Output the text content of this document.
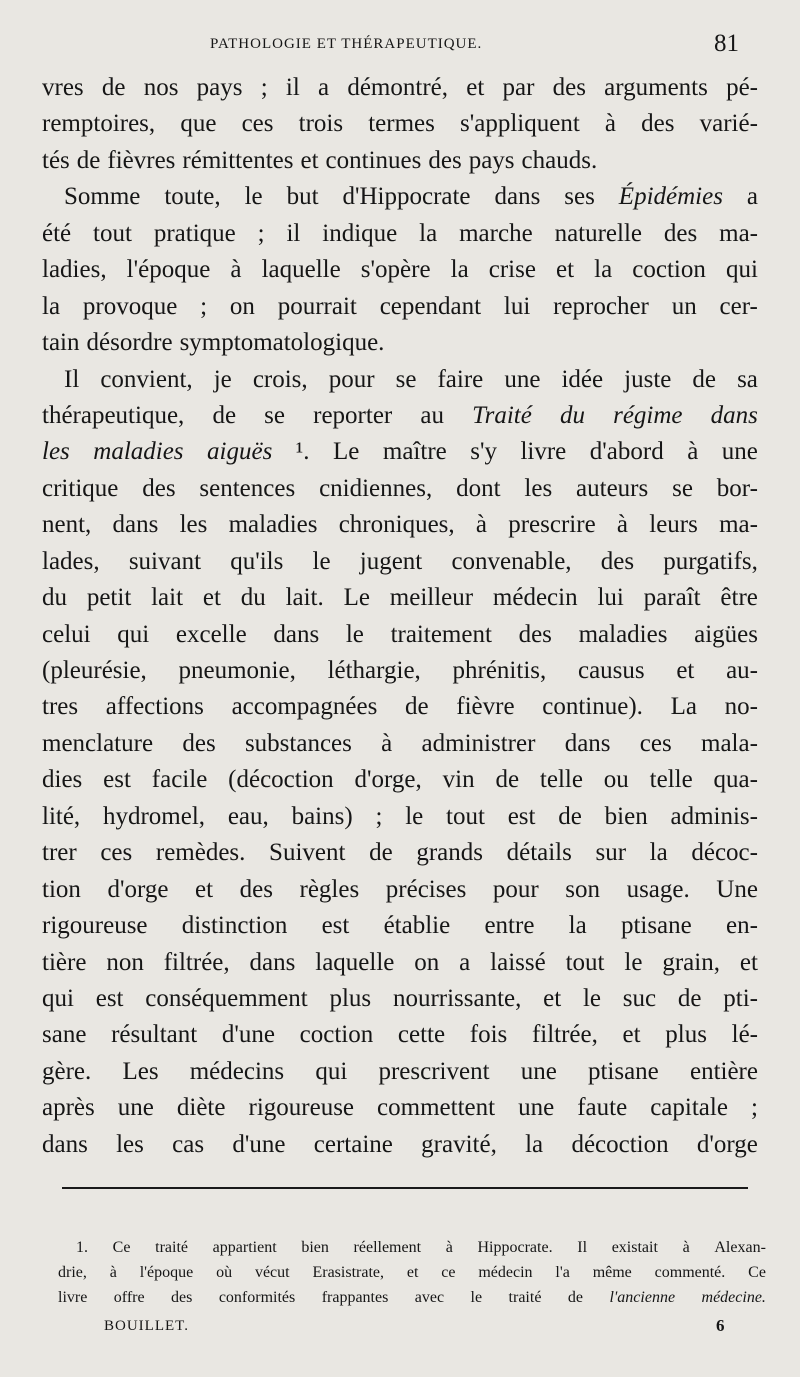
PATHOLOGIE ET THÉRAPEUTIQUE.	81
vres de nos pays ; il a démontré, et par des arguments pé-
remptoires, que ces trois termes s'appliquent à des varié-
tés de fièvres rémittentes et continues des pays chauds.
Somme toute, le but d'Hippocrate dans ses Épidémies a
été tout pratique ; il indique la marche naturelle des ma-
ladies, l'époque à laquelle s'opère la crise et la coction qui
la provoque ; on pourrait cependant lui reprocher un cer-
tain désordre symptomatologique.
Il convient, je crois, pour se faire une idée juste de sa
thérapeutique, de se reporter au Traité du régime dans
les maladies aiguës ¹. Le maître s'y livre d'abord à une
critique des sentences cnidiennes, dont les auteurs se bor-
nent, dans les maladies chroniques, à prescrire à leurs ma-
lades, suivant qu'ils le jugent convenable, des purgatifs,
du petit lait et du lait. Le meilleur médecin lui paraît être
celui qui excelle dans le traitement des maladies aigües
(pleurésie, pneumonie, léthargie, phrénitis, causus et au-
tres affections accompagnées de fièvre continue). La no-
menclature des substances à administrer dans ces mala-
dies est facile (décoction d'orge, vin de telle ou telle qua-
lité, hydromel, eau, bains) ; le tout est de bien adminis-
trer ces remèdes. Suivent de grands détails sur la décoc-
tion d'orge et des règles précises pour son usage. Une
rigoureuse distinction est établie entre la ptisane en-
tière non filtrée, dans laquelle on a laissé tout le grain, et
qui est conséquemment plus nourrissante, et le suc de pti-
sane résultant d'une coction cette fois filtrée, et plus lé-
gère. Les médecins qui prescrivent une ptisane entière
après une diète rigoureuse commettent une faute capitale ;
dans les cas d'une certaine gravité, la décoction d'orge
1. Ce traité appartient bien réellement à Hippocrate. Il existait à Alexan-
drie, à l'époque où vécut Erasistrate, et ce médecin l'a même commenté. Ce
livre offre des conformités frappantes avec le traité de l'ancienne médecine.
BOUILLET.	6
